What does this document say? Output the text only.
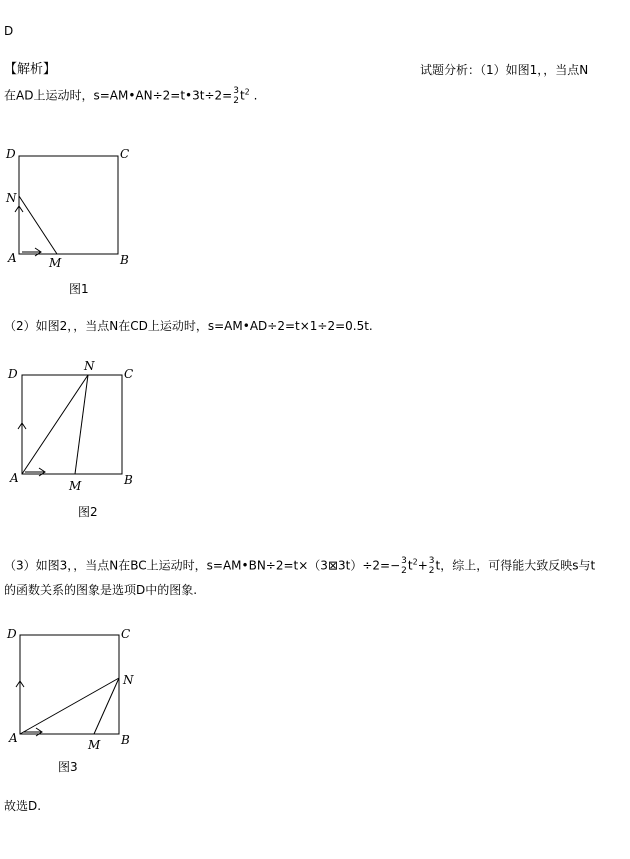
D
【解析】	试题分析：（1）如图1，，当点N
在AD上运动时，s=AM•AN÷2=t•3t÷2= 3
2 $t^2$ .
D	C
N
A	M	B
图1
（2）如图2，，当点N在CD上运动时，s=AM•AD÷2=t×1÷2=0.5t.
D	C
N
A
M	B
图2
（3）如图3，，当点N在BC上运动时，s=AM•BN÷2=t×（3⊠3t）÷2=− 3
2 $t^2+ 3$
2 t，综上，可得能大致反映s与t
的函数关系的图象是选项D中的图象.
D	C
N
A	M B
图3
故选D.
